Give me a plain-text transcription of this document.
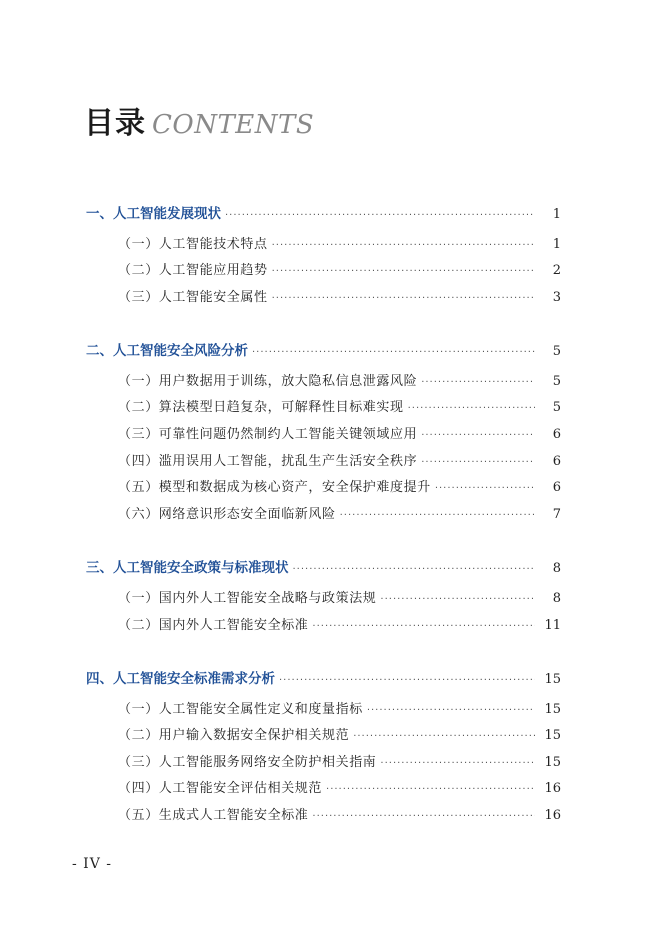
目录 CONTENTS
一、人工智能发展现状 ·····	1
（一）人工智能技术特点 ·····	1
（二）人工智能应用趋势 ·····	2
（三）人工智能安全属性 ·····	3
二、人工智能安全风险分析 ·····	5
（一）用户数据用于训练，放大隐私信息泄露风险 ·····	5
（二）算法模型日趋复杂，可解释性目标难实现 ·····	5
（三）可靠性问题仍然制约人工智能关键领域应用 ·····	6
（四）滥用误用人工智能，扰乱生产生活安全秩序 ·····	6
（五）模型和数据成为核心资产，安全保护难度提升 ·····	6
（六）网络意识形态安全面临新风险 ·····	7
三、人工智能安全政策与标准现状 ·····	8
（一）国内外人工智能安全战略与政策法规 ·····	8
（二）国内外人工智能安全标准 ·····	11
四、人工智能安全标准需求分析 ·····	15
（一）人工智能安全属性定义和度量指标 ·····	15
（二）用户输入数据安全保护相关规范 ·····	15
（三）人工智能服务网络安全防护相关指南 ·····	15
（四）人工智能安全评估相关规范 ·····	16
（五）生成式人工智能安全标准 ·····	16
- IV -
